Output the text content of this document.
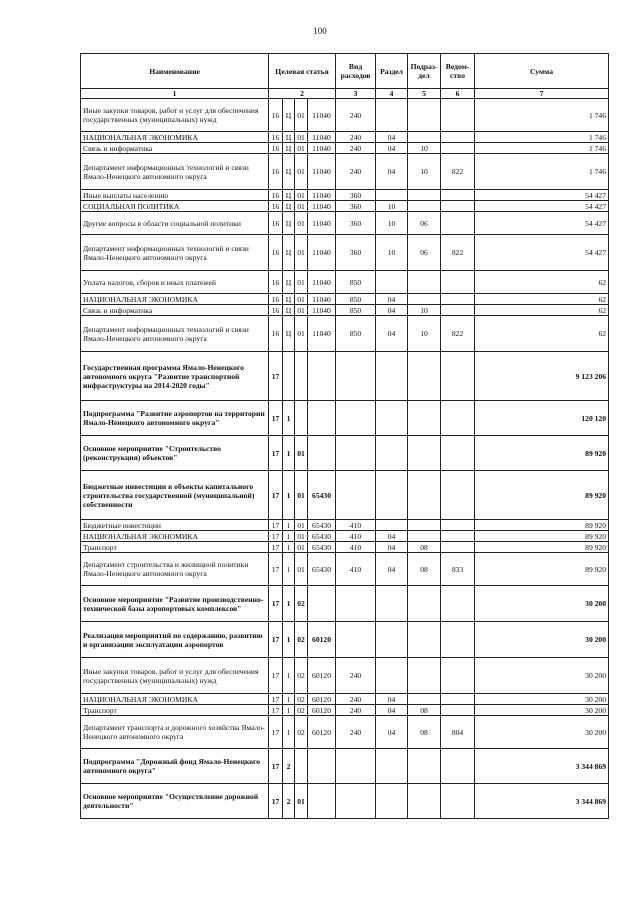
100
Наименование	Целевая статья				Вид расходов	Раздел	Подраз-дел	Ведом-ство	Сумма
1	2				3	4	5	6	7
Иные закупки товаров, работ и услуг для обеспечения государственных (муниципальных) нужд	16	Ц	01	11040	240				1 746
НАЦИОНАЛЬНАЯ ЭКОНОМИКА	16	Ц	01	11040	240	04			1 746
Связь и информатика	16	Ц	01	11040	240	04	10		1 746
Департамент информационных технологий и связи Ямало-Ненецкого автономного округа	16	Ц	01	11040	240	04	10	822	1 746
Иные выплаты населению	16	Ц	01	11040	360				54 427
СОЦИАЛЬНАЯ ПОЛИТИКА	16	Ц	01	11040	360	10			54 427
Другие вопросы в области социальной политики	16	Ц	01	11040	360	10	06		54 427
Департамент информационных технологий и связи Ямало-Ненецкого автономного округа	16	Ц	01	11040	360	10	06	822	54 427
Уплата налогов, сборов и иных платежей	16	Ц	01	11040	850				62
НАЦИОНАЛЬНАЯ ЭКОНОМИКА	16	Ц	01	11040	850	04			62
Связь и информатика	16	Ц	01	11040	850	04	10		62
Департамент информационных технологий и связи Ямало-Ненецкого автономного округа	16	Ц	01	11040	850	04	10	822	62
Государственная программа Ямало-Ненецкого автономного округа "Развитие транспортной инфраструктуры на 2014-2020 годы"	17								9 123 206
Подпрограмма "Развитие аэропортов на территории Ямало-Ненецкого автономного округа"	17	1							120 120
Основное мероприятие "Строительство (реконструкция) объектов"	17	1	01						89 920
Бюджетные инвестиции в объекты капитального строительства государственной (муниципальной) собственности	17	1	01	65430					89 920
Бюджетные инвестиции	17	1	01	65430	410				89 920
НАЦИОНАЛЬНАЯ ЭКОНОМИКА	17	1	01	65430	410	04			89 920
Транспорт	17	1	01	65430	410	04	08		89 920
Департамент строительства и жилищной политики Ямало-Ненецкого автономного округа	17	1	01	65430	410	04	08	833	89 920
Основное мероприятие "Развитие производственно-технической базы аэропортовых комплексов"	17	1	02						30 200
Реализация мероприятий по содержанию, развитию и организации эксплуатации аэропортов	17	1	02	60120					30 200
Иные закупки товаров, работ и услуг для обеспечения государственных (муниципальных) нужд	17	1	02	60120	240				30 200
НАЦИОНАЛЬНАЯ ЭКОНОМИКА	17	1	02	60120	240	04			30 200
Транспорт	17	1	02	60120	240	04	08		30 200
Департамент транспорта и дорожного хозяйства Ямало-Ненецкого автономного округа	17	1	02	60120	240	04	08	804	30 200
Подпрограмма "Дорожный фонд Ямало-Ненецкого автономного округа"	17	2							3 344 869
Основное мероприятие "Осуществление дорожной деятельности"	17	2	01						3 344 869
